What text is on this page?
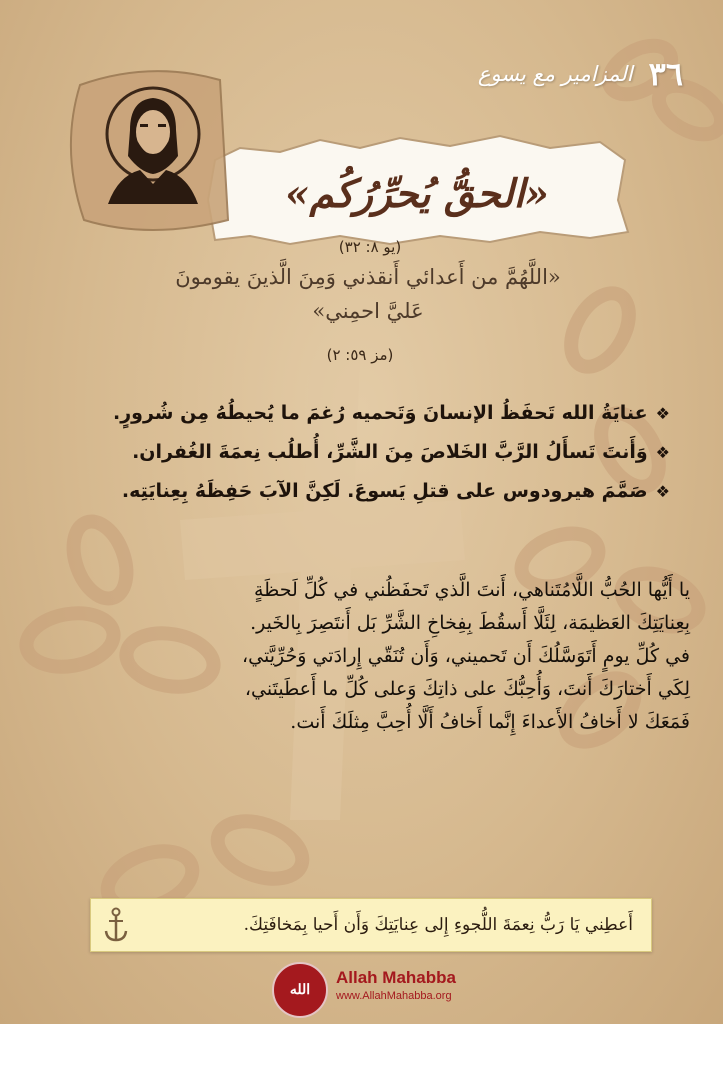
٣٦
المزامير مع يسوع
«الحقُّ يُحرِّرُكُم»
(يو ٨: ٣٢)
«اللَّهُمَّ من أَعدائي أَنقذني وَمِنَ الَّذينَ يقومونَ
عَليَّ احمِني»
(مز ٥٩: ٢)
❖عنايَةُ الله تَحفَظُ الإنسانَ وَتَحميه رُغمَ ما يُحيطُهُ مِن شُرورٍ.
❖وَأَنتَ تَسأَلُ الرَّبَّ الخَلاصَ مِنَ الشَّرِّ، أُطلُب نِعمَةَ الغُفران.
❖صَمَّمَ هيرودوس على قتلِ يَسوعَ. لَكِنَّ الآبَ حَفِظَهُ بِعِنايَتِه.
يا أَيُّها الحُبُّ اللَّامُتَناهي، أَنتَ الَّذي تَحفَظُني في كُلِّ لَحظَةٍ
بِعِنايَتِكَ العَظيمَة، لِئَلَّا أَسقُطَ بِفِخاخِ الشَّرِّ بَل أَنتَصِرَ بِالخَير.
في كُلِّ يومٍ أَتَوَسَّلُكَ أَن تَحميني، وَأَن تُنَقّي إِرادَتي وَحُرِّيَّتي،
لِكَي أَختارَكَ أَنتَ، وَأُحِبُّكَ على ذاتِكَ وَعلى كُلِّ ما أَعطَيتَني،
فَمَعَكَ لا أَخافُ الأَعداءَ إِنَّما أَخافُ أَلَّا أُحِبَّ مِثلَكَ أَنت.
أَعطِني يَا رَبُّ نِعمَةَ اللُّجوءِ إِلى عِنايَتِكَ وَأَن أَحيا بِمَخافَتِكَ.
الله محبة
Allah Mahabba
www.AllahMahabba.org
